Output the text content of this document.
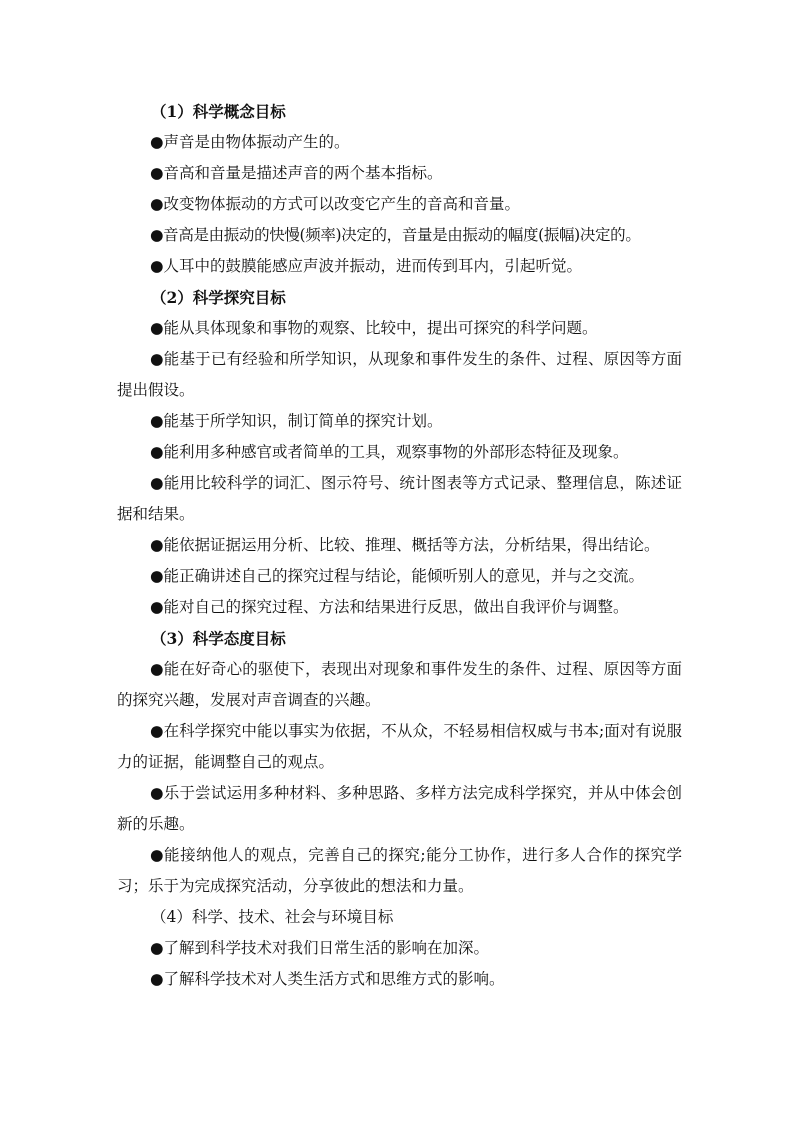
（1）科学概念目标

●声音是由物体振动产生的。

●音高和音量是描述声音的两个基本指标。

●改变物体振动的方式可以改变它产生的音高和音量。

●音高是由振动的快慢(频率)决定的，音量是由振动的幅度(振幅)决定的。

●人耳中的鼓膜能感应声波并振动，进而传到耳内，引起听觉。

（2）科学探究目标

●能从具体现象和事物的观察、比较中，提出可探究的科学问题。

●能基于已有经验和所学知识，从现象和事件发生的条件、过程、原因等方面提出假设。

●能基于所学知识，制订简单的探究计划。

●能利用多种感官或者简单的工具，观察事物的外部形态特征及现象。

●能用比较科学的词汇、图示符号、统计图表等方式记录、整理信息，陈述证据和结果。

●能依据证据运用分析、比较、推理、概括等方法，分析结果，得出结论。

●能正确讲述自己的探究过程与结论，能倾听别人的意见，并与之交流。

●能对自己的探究过程、方法和结果进行反思，做出自我评价与调整。

（3）科学态度目标

●能在好奇心的驱使下，表现出对现象和事件发生的条件、过程、原因等方面的探究兴趣，发展对声音调查的兴趣。

●在科学探究中能以事实为依据，不从众，不轻易相信权威与书本;面对有说服力的证据，能调整自己的观点。

●乐于尝试运用多种材料、多种思路、多样方法完成科学探究，并从中体会创新的乐趣。

●能接纳他人的观点，完善自己的探究;能分工协作，进行多人合作的探究学习；乐于为完成探究活动，分享彼此的想法和力量。

（4）科学、技术、社会与环境目标

●了解到科学技术对我们日常生活的影响在加深。

●了解科学技术对人类生活方式和思维方式的影响。
